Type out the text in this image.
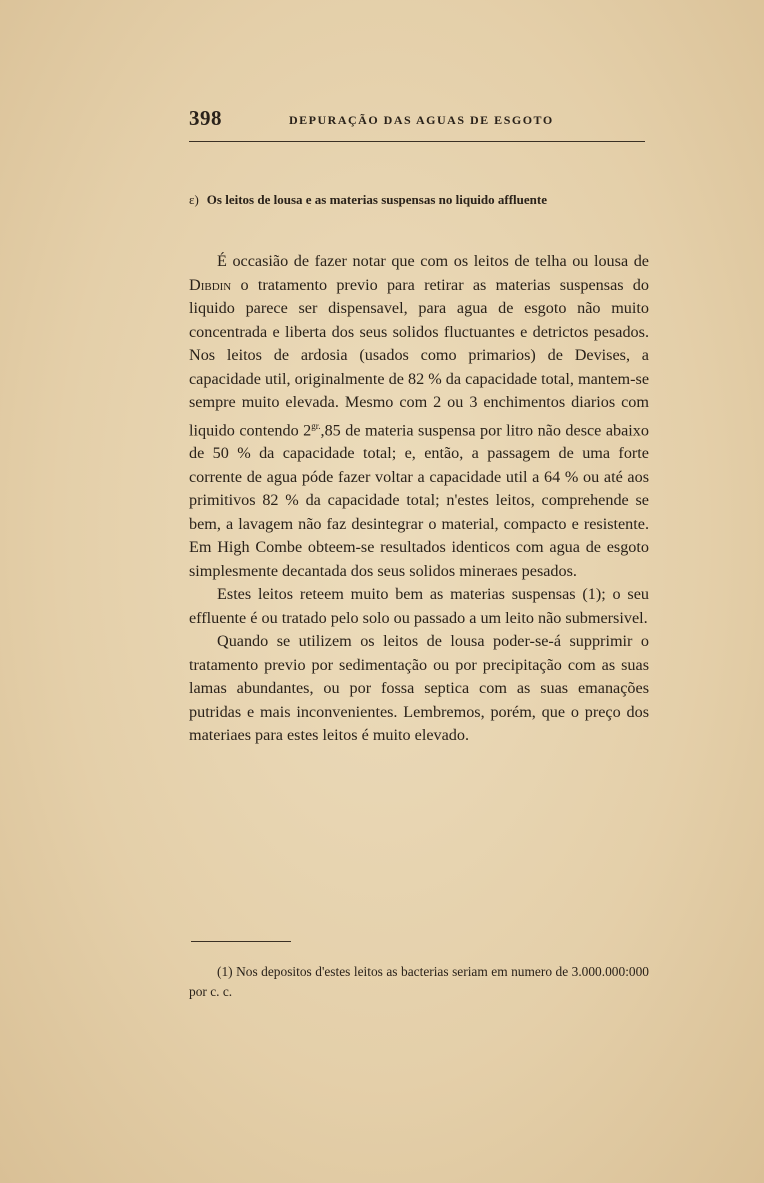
398	DEPURAÇÃO DAS AGUAS DE ESGOTO
ε) Os leitos de lousa e as materias suspensas no liquido affluente

É occasião de fazer notar que com os leitos de telha ou lousa de Dibdin o tratamento previo para retirar as materias suspensas do liquido parece ser dispensavel, para agua de esgoto não muito concentrada e liberta dos seus solidos fluctuantes e detrictos pesados. Nos leitos de ardosia (usados como primarios) de Devises, a capacidade util, originalmente de 82 % da capacidade total, mantem-se sempre muito elevada. Mesmo com 2 ou 3 enchimentos diarios com liquido contendo $2^{gr.},85$ de materia suspensa por litro não desce abaixo de 50 % da capacidade total; e, então, a passagem de uma forte corrente de agua póde fazer voltar a capacidade util a 64 % ou até aos primitivos 82 % da capacidade total; n'estes leitos, comprehende se bem, a lavagem não faz desintegrar o material, compacto e resistente. Em High Combe obteem-se resultados identicos com agua de esgoto simplesmente decantada dos seus solidos mineraes pesados.

Estes leitos reteem muito bem as materias suspensas (1); o seu effluente é ou tratado pelo solo ou passado a um leito não submersivel.

Quando se utilizem os leitos de lousa poder-se-á supprimir o tratamento previo por sedimentação ou por precipitação com as suas lamas abundantes, ou por fossa septica com as suas emanações putridas e mais inconvenientes. Lembremos, porém, que o preço dos materiaes para estes leitos é muito elevado.

(1) Nos depositos d'estes leitos as bacterias seriam em numero de 3.000.000:000 por c. c.
